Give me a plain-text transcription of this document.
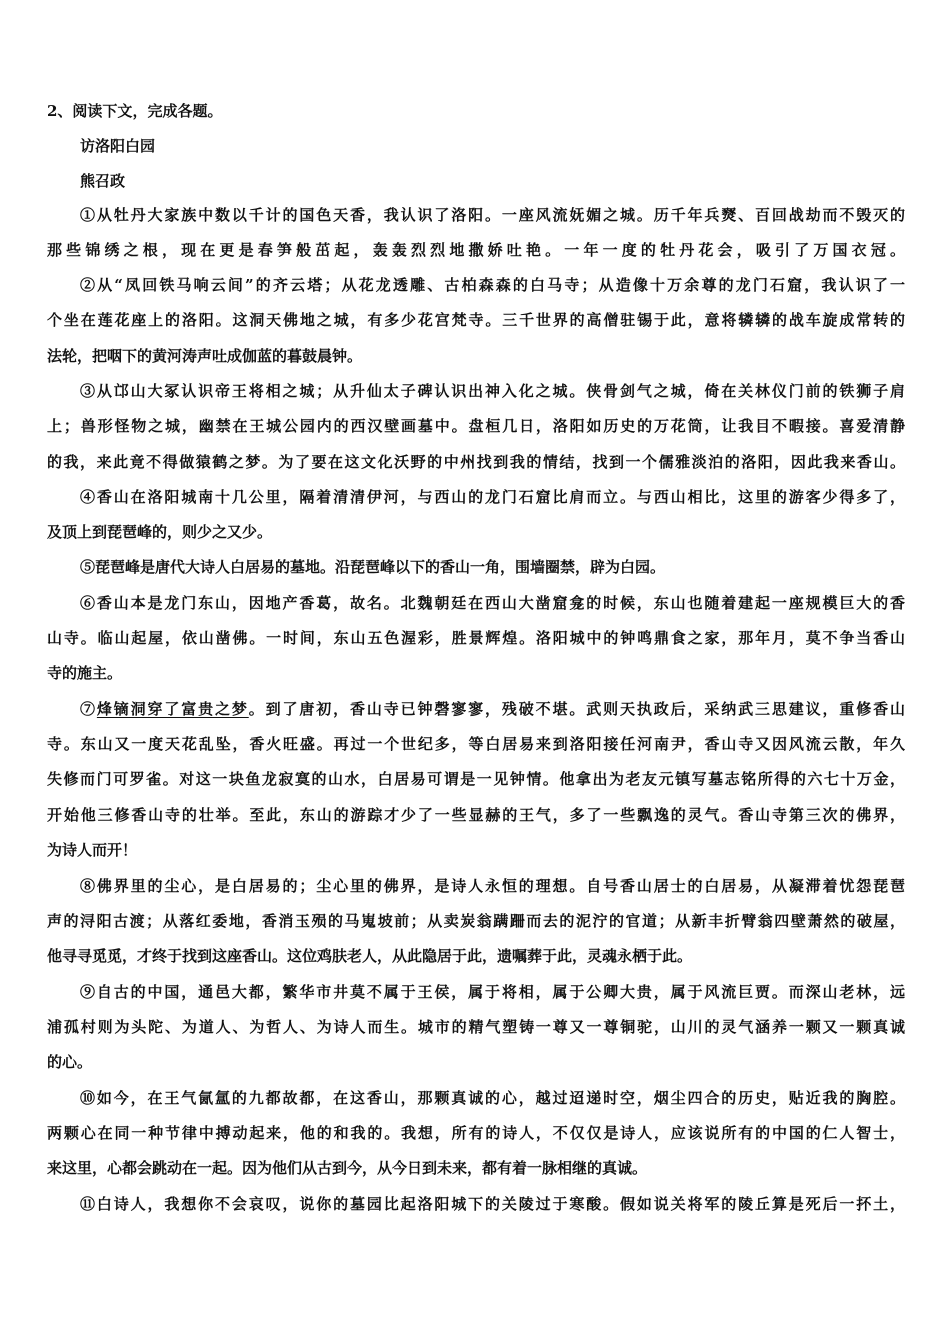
2、阅读下文，完成各题。
访洛阳白园
熊召政
①从牡丹大家族中数以千计的国色天香，我认识了洛阳。一座风流妩媚之城。历千年兵燹、百回战劫而不毁灭的
那些锦绣之根，现在更是春笋般茁起，轰轰烈烈地撒娇吐艳。一年一度的牡丹花会，吸引了万国衣冠。
②从“凤回铁马响云间”的齐云塔；从花龙透雕、古柏森森的白马寺；从造像十万余尊的龙门石窟，我认识了一
个坐在莲花座上的洛阳。这洞天佛地之城，有多少花宫梵寺。三千世界的高僧驻锡于此，意将辚辚的战车旋成常转的
法轮，把咽下的黄河涛声吐成伽蓝的暮鼓晨钟。
③从邙山大冢认识帝王将相之城；从升仙太子碑认识出神入化之城。侠骨剑气之城，倚在关林仪门前的铁狮子肩
上；兽形怪物之城，幽禁在王城公园内的西汉壁画墓中。盘桓几日，洛阳如历史的万花筒，让我目不暇接。喜爱清静
的我，来此竟不得做猿鹤之梦。为了要在这文化沃野的中州找到我的情结，找到一个儒雅淡泊的洛阳，因此我来香山。
④香山在洛阳城南十几公里，隔着清清伊河，与西山的龙门石窟比肩而立。与西山相比，这里的游客少得多了，
及顶上到琵琶峰的，则少之又少。
⑤琵琶峰是唐代大诗人白居易的墓地。沿琵琶峰以下的香山一角，围墙圈禁，辟为白园。
⑥香山本是龙门东山，因地产香葛，故名。北魏朝廷在西山大凿窟龛的时候，东山也随着建起一座规模巨大的香
山寺。临山起屋，依山凿佛。一时间，东山五色渥彩，胜景辉煌。洛阳城中的钟鸣鼎食之家，那年月，莫不争当香山
寺的施主。
⑦烽镝洞穿了富贵之梦。到了唐初，香山寺已钟磬寥寥，残破不堪。武则天执政后，采纳武三思建议，重修香山
寺。东山又一度天花乱坠，香火旺盛。再过一个世纪多，等白居易来到洛阳接任河南尹，香山寺又因风流云散，年久
失修而门可罗雀。对这一块鱼龙寂寞的山水，白居易可谓是一见钟情。他拿出为老友元镇写墓志铭所得的六七十万金，
开始他三修香山寺的壮举。至此，东山的游踪才少了一些显赫的王气，多了一些飘逸的灵气。香山寺第三次的佛界，
为诗人而开！
⑧佛界里的尘心，是白居易的；尘心里的佛界，是诗人永恒的理想。自号香山居士的白居易，从凝滞着忧怨琵琶
声的浔阳古渡；从落红委地，香消玉殒的马嵬坡前；从卖炭翁蹒跚而去的泥泞的官道；从新丰折臂翁四壁萧然的破屋，
他寻寻觅觅，才终于找到这座香山。这位鸡肤老人，从此隐居于此，遗嘱葬于此，灵魂永栖于此。
⑨自古的中国，通邑大都，繁华市井莫不属于王侯，属于将相，属于公卿大贵，属于风流巨贾。而深山老林，远
浦孤村则为头陀、为道人、为哲人、为诗人而生。城市的精气塑铸一尊又一尊铜驼，山川的灵气涵养一颗又一颗真诚
的心。
⑩如今，在王气氤氲的九都故都，在这香山，那颗真诚的心，越过迢递时空，烟尘四合的历史，贴近我的胸腔。
两颗心在同一种节律中搏动起来，他的和我的。我想，所有的诗人，不仅仅是诗人，应该说所有的中国的仁人智士，
来这里，心都会跳动在一起。因为他们从古到今，从今日到未来，都有着一脉相继的真诚。
⑪白诗人，我想你不会哀叹，说你的墓园比起洛阳城下的关陵过于寒酸。假如说关将军的陵丘算是死后一抔土，
